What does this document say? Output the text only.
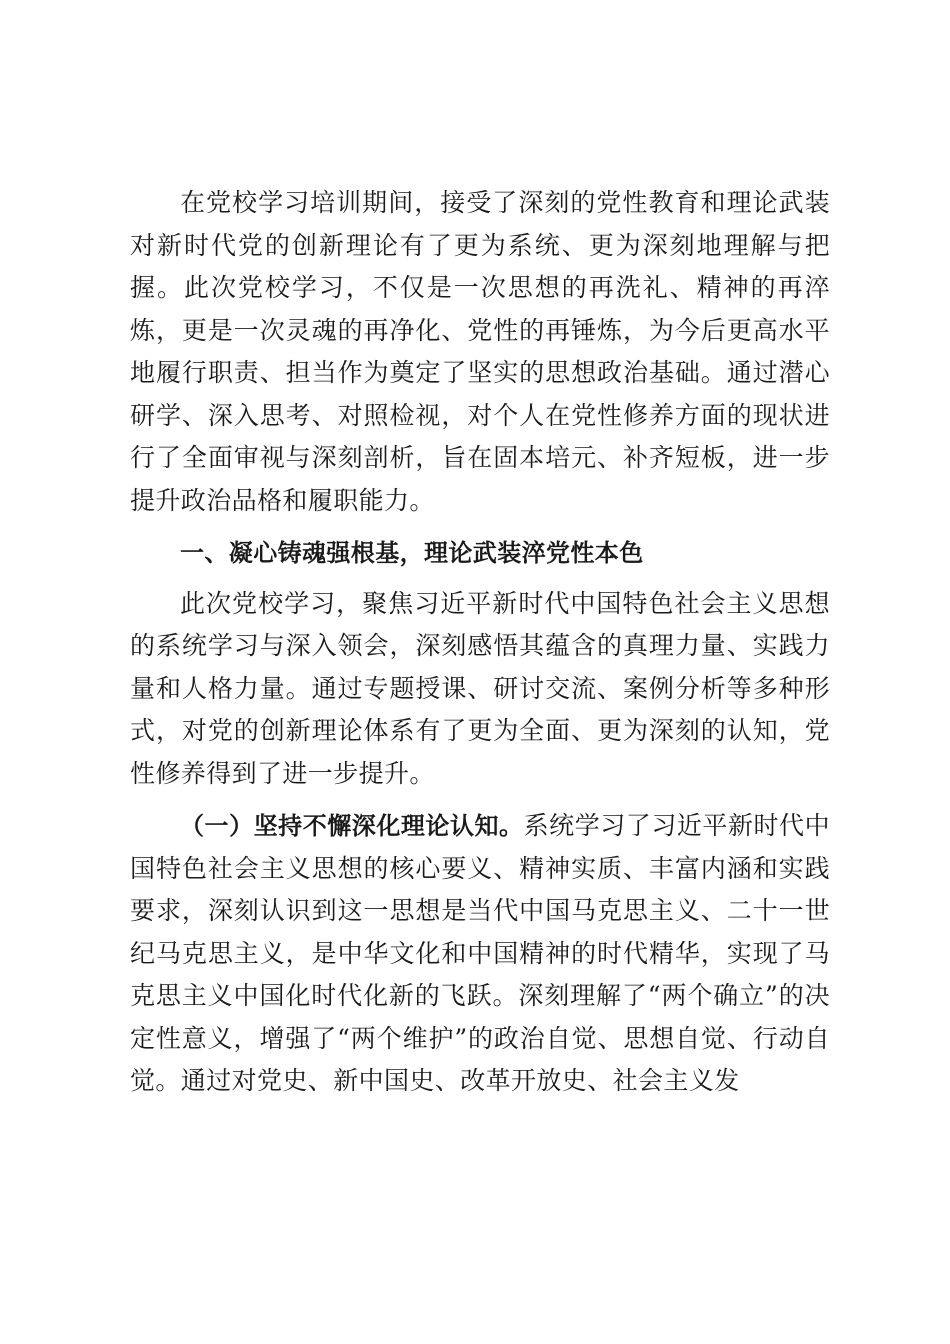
在党校学习培训期间，接受了深刻的党性教育和理论武装对新时代党的创新理论有了更为系统、更为深刻地理解与把握。此次党校学习，不仅是一次思想的再洗礼、精神的再淬炼，更是一次灵魂的再净化、党性的再锤炼，为今后更高水平地履行职责、担当作为奠定了坚实的思想政治基础。通过潜心研学、深入思考、对照检视，对个人在党性修养方面的现状进行了全面审视与深刻剖析，旨在固本培元、补齐短板，进一步提升政治品格和履职能力。

一、凝心铸魂强根基，理论武装淬党性本色

此次党校学习，聚焦习近平新时代中国特色社会主义思想的系统学习与深入领会，深刻感悟其蕴含的真理力量、实践力量和人格力量。通过专题授课、研讨交流、案例分析等多种形式，对党的创新理论体系有了更为全面、更为深刻的认知，党性修养得到了进一步提升。

（一）坚持不懈深化理论认知。系统学习了习近平新时代中国特色社会主义思想的核心要义、精神实质、丰富内涵和实践要求，深刻认识到这一思想是当代中国马克思主义、二十一世纪马克思主义，是中华文化和中国精神的时代精华，实现了马克思主义中国化时代化新的飞跃。深刻理解了“两个确立”的决定性意义，增强了“两个维护”的政治自觉、思想自觉、行动自觉。通过对党史、新中国史、改革开放史、社会主义发
